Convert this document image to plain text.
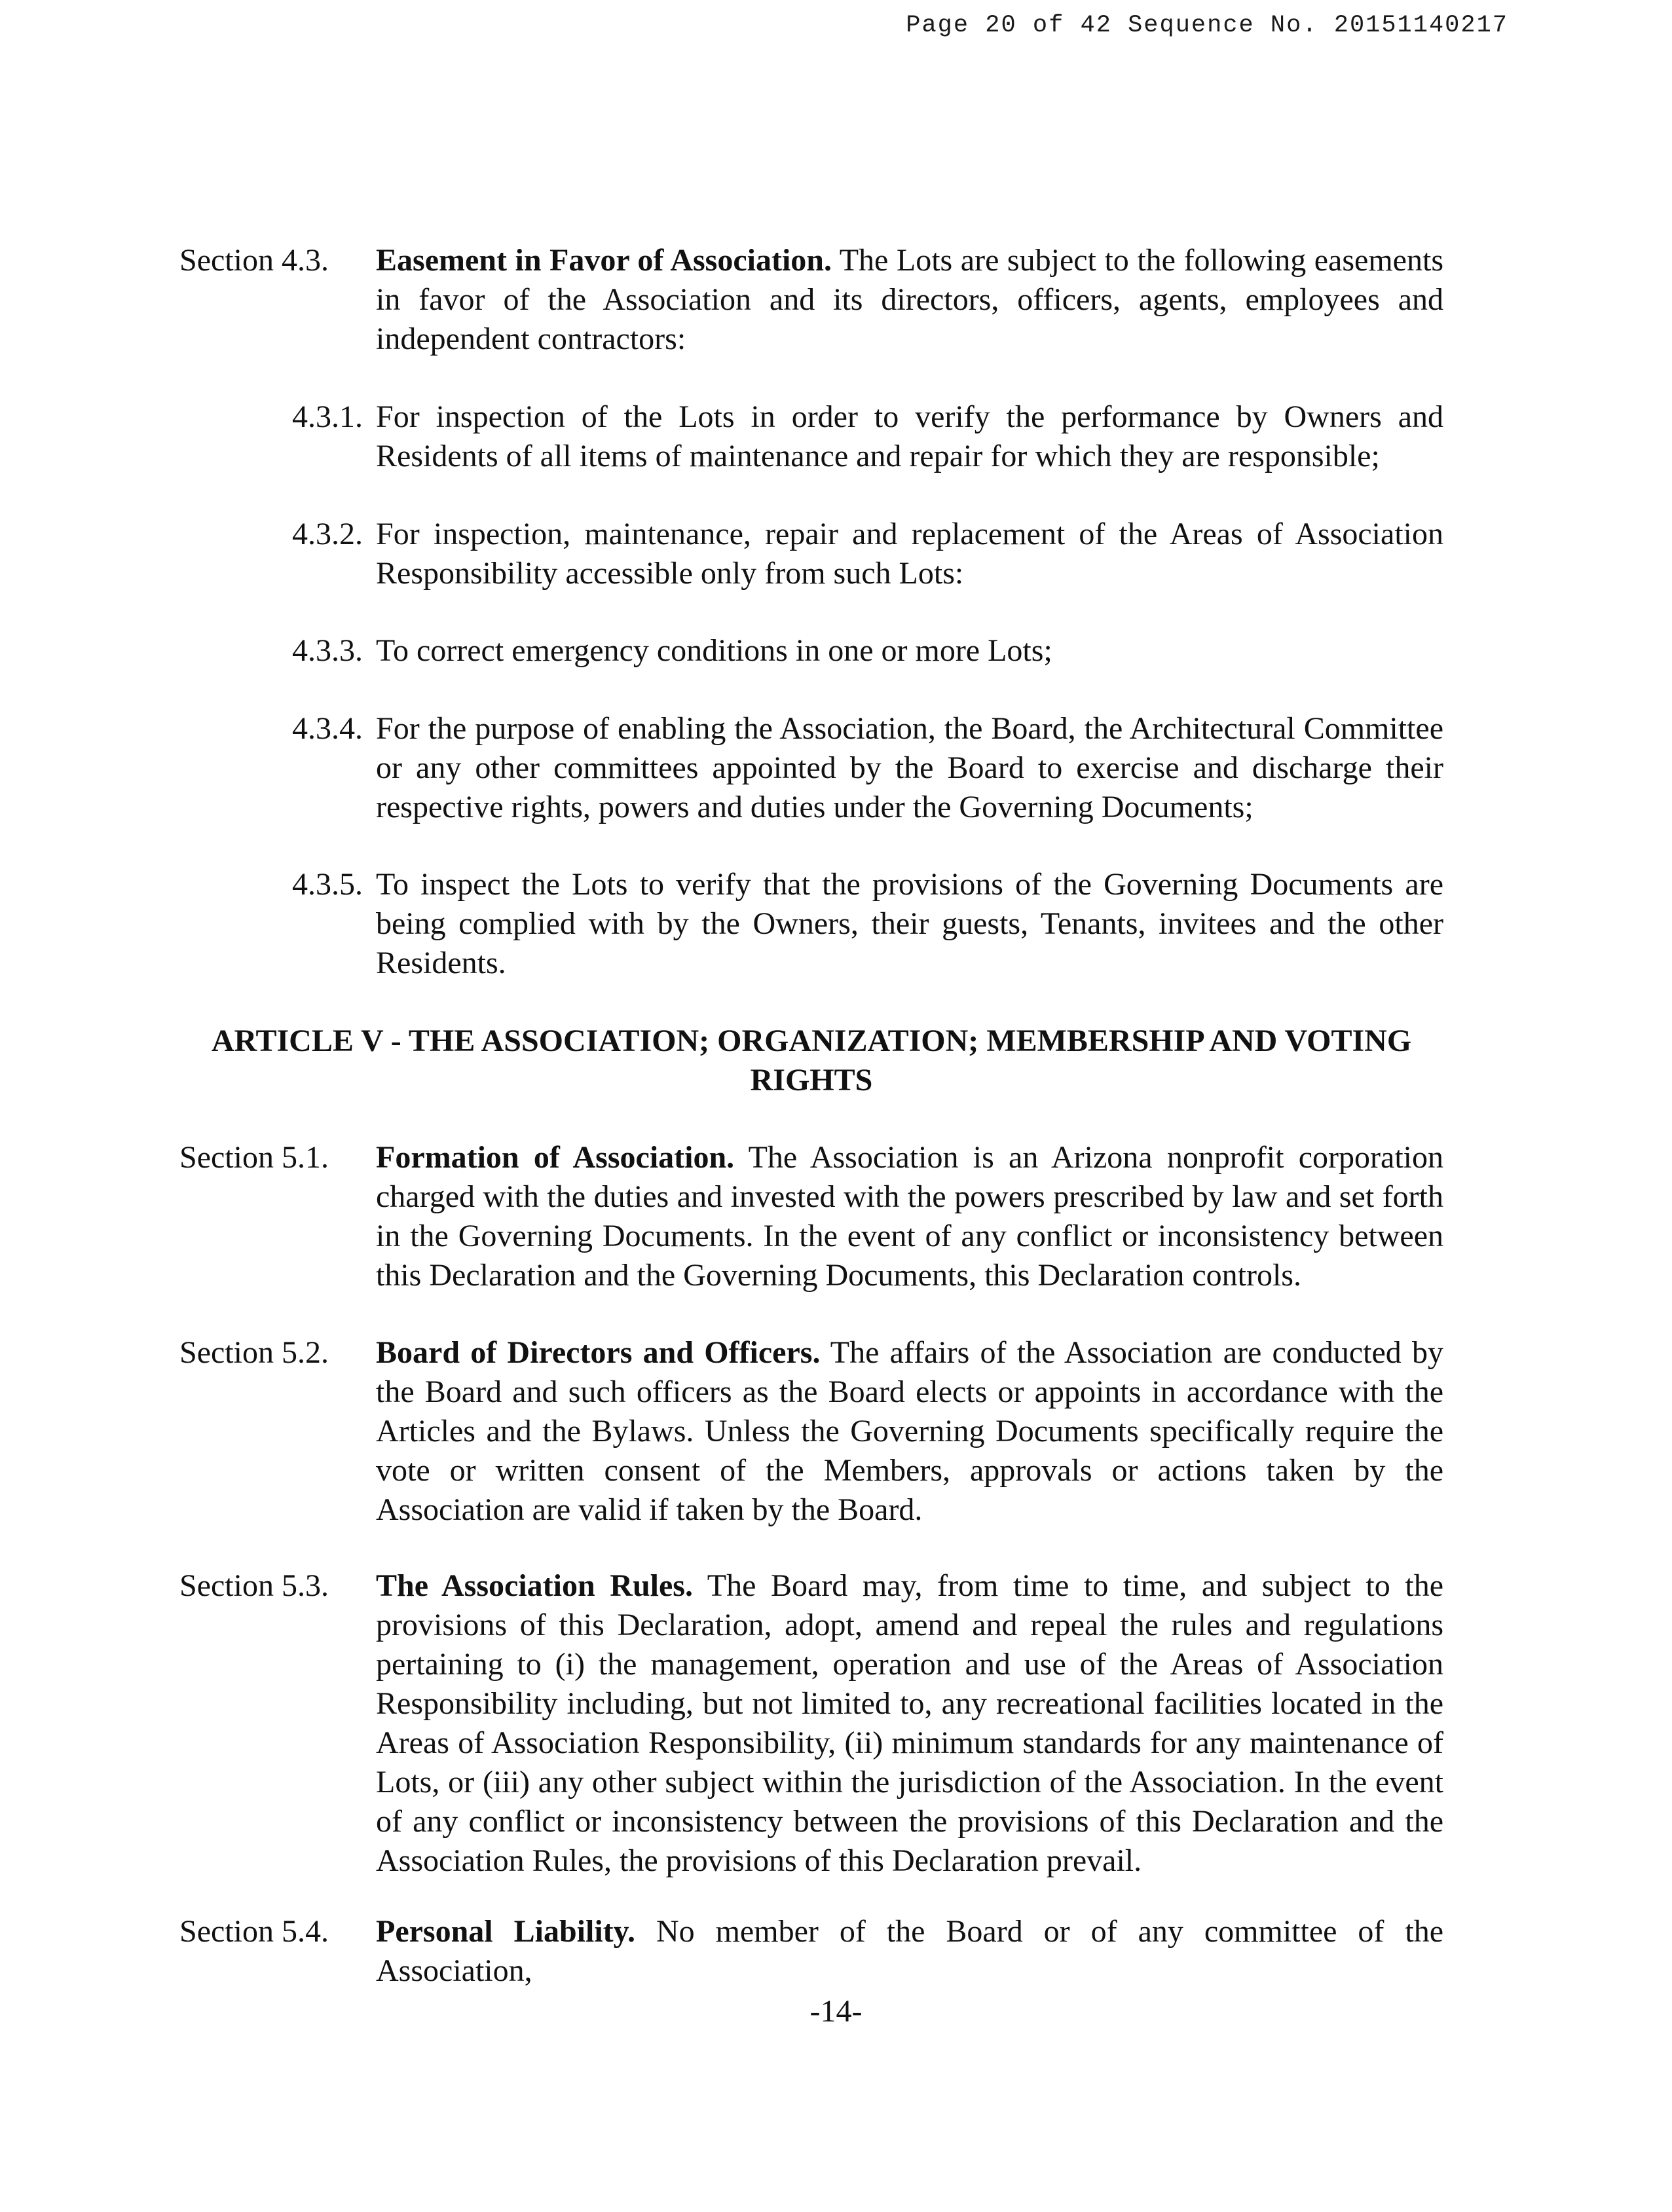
Page 20 of 42 Sequence No. 20151140217
Section 4.3.	Easement in Favor of Association. The Lots are subject to the following easements in favor of the Association and its directors, officers, agents, employees and independent contractors:
4.3.1. For inspection of the Lots in order to verify the performance by Owners and Residents of all items of maintenance and repair for which they are responsible;
4.3.2. For inspection, maintenance, repair and replacement of the Areas of Association Responsibility accessible only from such Lots:
4.3.3. To correct emergency conditions in one or more Lots;
4.3.4. For the purpose of enabling the Association, the Board, the Architectural Committee or any other committees appointed by the Board to exercise and discharge their respective rights, powers and duties under the Governing Documents;
4.3.5. To inspect the Lots to verify that the provisions of the Governing Documents are being complied with by the Owners, their guests, Tenants, invitees and the other Residents.
ARTICLE V - THE ASSOCIATION; ORGANIZATION; MEMBERSHIP AND VOTING
RIGHTS
Section 5.1.	Formation of Association. The Association is an Arizona nonprofit corporation charged with the duties and invested with the powers prescribed by law and set forth in the Governing Documents. In the event of any conflict or inconsistency between this Declaration and the Governing Documents, this Declaration controls.
Section 5.2.	Board of Directors and Officers. The affairs of the Association are conducted by the Board and such officers as the Board elects or appoints in accordance with the Articles and the Bylaws. Unless the Governing Documents specifically require the vote or written consent of the Members, approvals or actions taken by the Association are valid if taken by the Board.
Section 5.3.	The Association Rules. The Board may, from time to time, and subject to the provisions of this Declaration, adopt, amend and repeal the rules and regulations pertaining to (i) the management, operation and use of the Areas of Association Responsibility including, but not limited to, any recreational facilities located in the Areas of Association Responsibility, (ii) minimum standards for any maintenance of Lots, or (iii) any other subject within the jurisdiction of the Association. In the event of any conflict or inconsistency between the provisions of this Declaration and the Association Rules, the provisions of this Declaration prevail.
Section 5.4.	Personal Liability. No member of the Board or of any committee of the Association,
-14-
